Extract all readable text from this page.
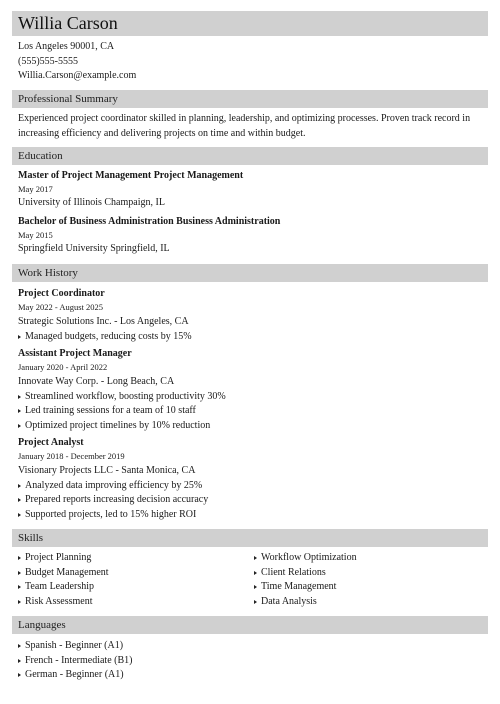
Willia Carson
Los Angeles 90001, CA
(555)555-5555
Willia.Carson@example.com
Professional Summary
Experienced project coordinator skilled in planning, leadership, and optimizing processes. Proven track record in increasing efficiency and delivering projects on time and within budget.
Education
Master of Project Management Project Management
May 2017
University of Illinois Champaign, IL
Bachelor of Business Administration Business Administration
May 2015
Springfield University Springfield, IL
Work History
Project Coordinator
May 2022 - August 2025
Strategic Solutions Inc. - Los Angeles, CA
Managed budgets, reducing costs by 15%
Assistant Project Manager
January 2020 - April 2022
Innovate Way Corp. - Long Beach, CA
Streamlined workflow, boosting productivity 30%
Led training sessions for a team of 10 staff
Optimized project timelines by 10% reduction
Project Analyst
January 2018 - December 2019
Visionary Projects LLC - Santa Monica, CA
Analyzed data improving efficiency by 25%
Prepared reports increasing decision accuracy
Supported projects, led to 15% higher ROI
Skills
Project Planning
Budget Management
Team Leadership
Risk Assessment
Workflow Optimization
Client Relations
Time Management
Data Analysis
Languages
Spanish - Beginner (A1)
French - Intermediate (B1)
German - Beginner (A1)
